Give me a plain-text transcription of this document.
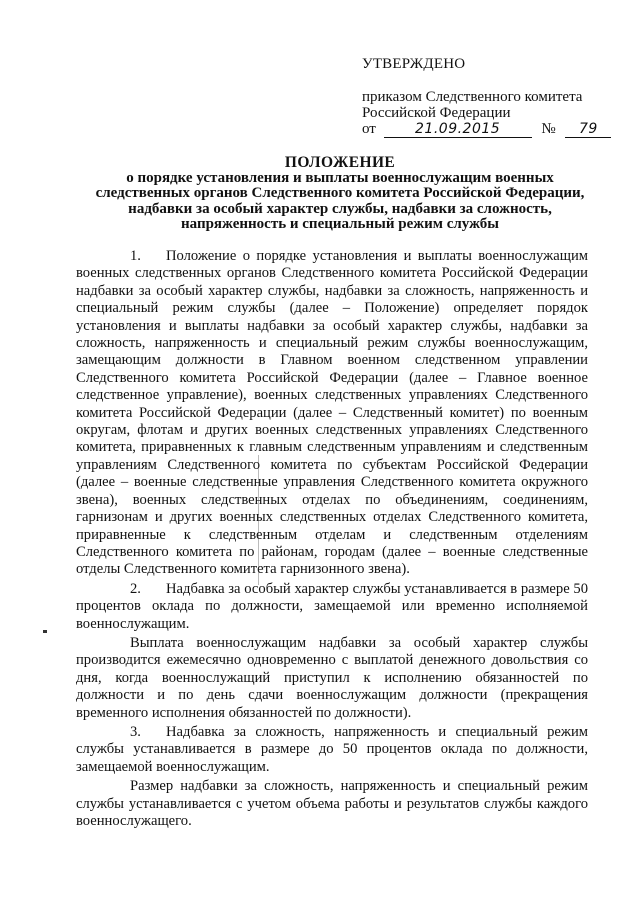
УТВЕРЖДЕНО
приказом Следственного комитета
Российской Федерации
от	21.09.2015	№ 79
ПОЛОЖЕНИЕ
о порядке установления и выплаты военнослужащим военных
следственных органов Следственного комитета Российской Федерации,
надбавки за особый характер службы, надбавки за сложность,
напряженность и специальный режим службы

1. Положение о порядке установления и выплаты военнослужащим военных следственных органов Следственного комитета Российской Федерации надбавки за особый характер службы, надбавки за сложность, напряженность и специальный режим службы (далее – Положение) определяет порядок установления и выплаты надбавки за особый характер службы, надбавки за сложность, напряженность и специальный режим службы военнослужащим, замещающим должности в Главном военном следственном управлении Следственного комитета Российской Федерации (далее – Главное военное следственное управление), военных следственных управлениях Следственного комитета Российской Федерации (далее – Следственный комитет) по военным округам, флотам и других военных следственных управлениях Следственного комитета, приравненных к главным следственным управлениям и следственным управлениям Следственного комитета по субъектам Российской Федерации (далее – военные следственные управления Следственного комитета окружного звена), военных следственных отделах по объединениям, соединениям, гарнизонам и других военных следственных отделах Следственного комитета, приравненные к следственным отделам и следственным отделениям Следственного комитета по районам, городам (далее – военные следственные отделы Следственного комитета гарнизонного звена).

2. Надбавка за особый характер службы устанавливается в размере 50 процентов оклада по должности, замещаемой или временно исполняемой военнослужащим.

Выплата военнослужащим надбавки за особый характер службы производится ежемесячно одновременно с выплатой денежного довольствия со дня, когда военнослужащий приступил к исполнению обязанностей по должности и по день сдачи военнослужащим должности (прекращения временного исполнения обязанностей по должности).

3. Надбавка за сложность, напряженность и специальный режим службы устанавливается в размере до 50 процентов оклада по должности, замещаемой военнослужащим.

Размер надбавки за сложность, напряженность и специальный режим службы устанавливается с учетом объема работы и результатов службы каждого военнослужащего.
